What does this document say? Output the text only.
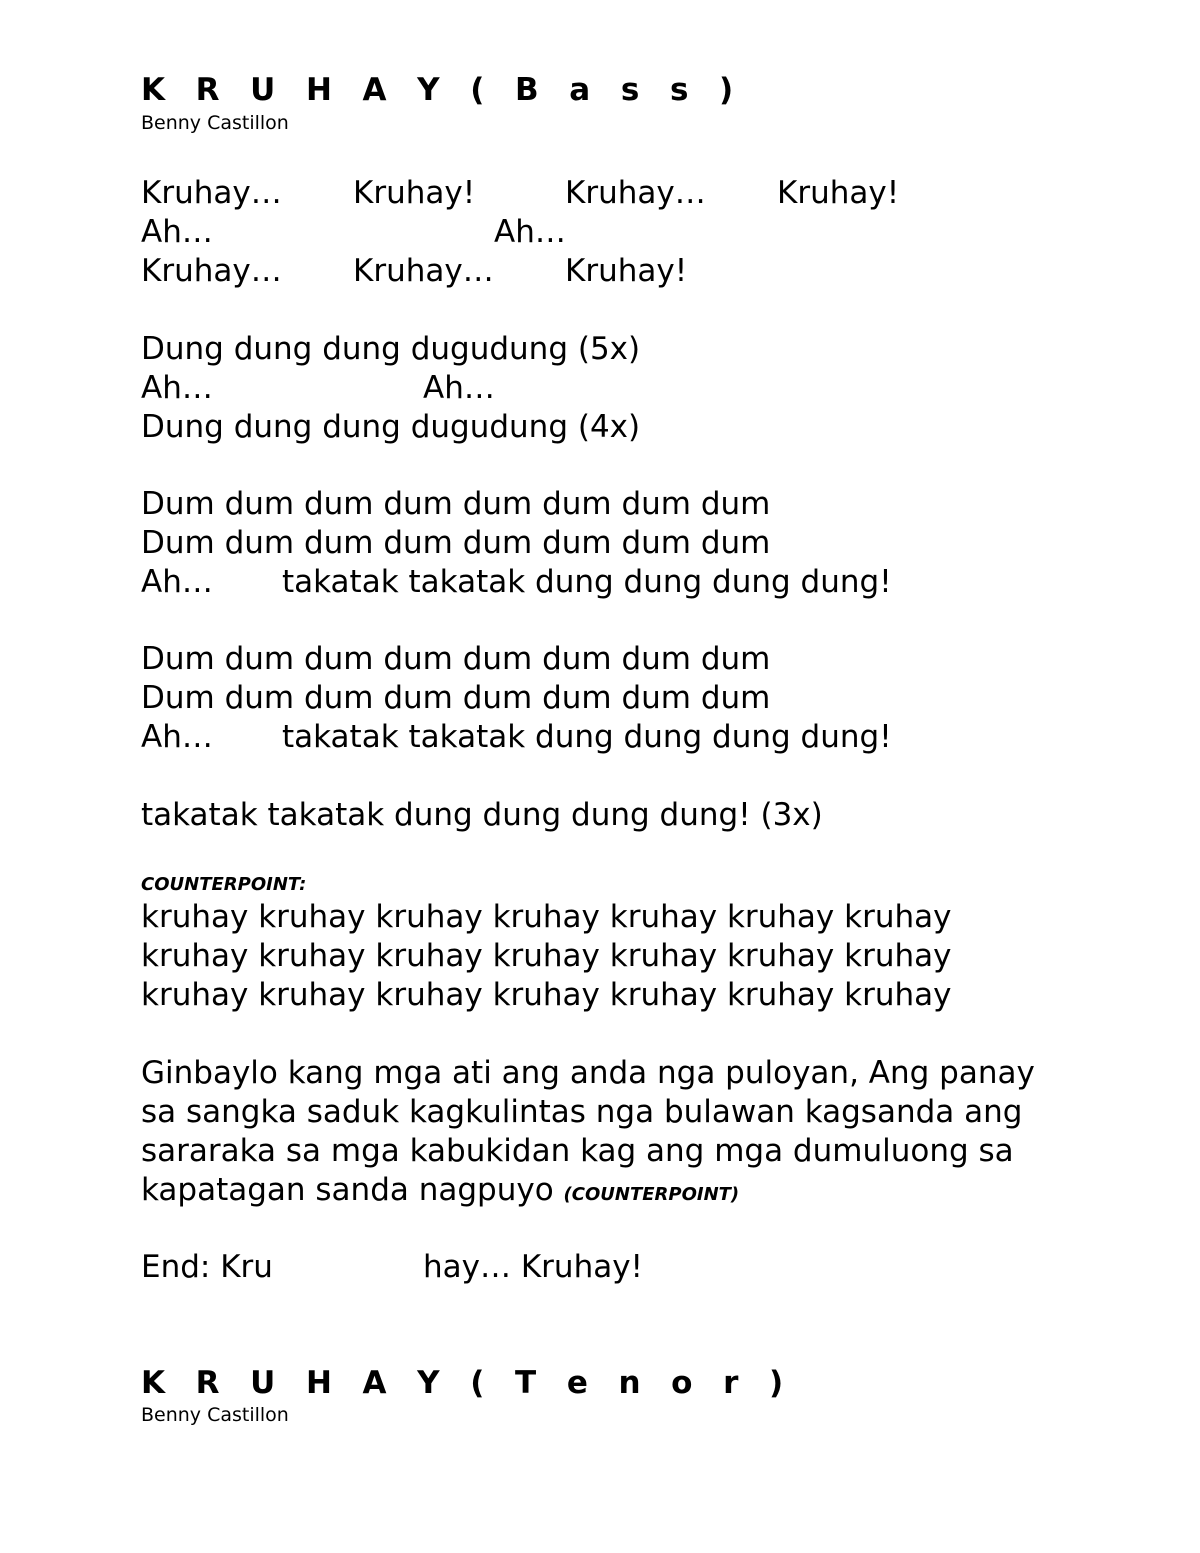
K R U H A Y ( B a s s )
Benny Castillon
Kruhay… Kruhay!	Kruhay… Kruhay!
Ah…	Ah…
Kruhay… Kruhay… Kruhay!
Dung dung dung dugudung (5x)
Ah…	Ah…
Dung dung dung dugudung (4x)
Dum dum dum dum dum dum dum dum
Dum dum dum dum dum dum dum dum
Ah… takatak takatak dung dung dung dung!
Dum dum dum dum dum dum dum dum
Dum dum dum dum dum dum dum dum
Ah… takatak takatak dung dung dung dung!
takatak takatak dung dung dung dung! (3x)
COUNTERPOINT:
kruhay kruhay kruhay kruhay kruhay kruhay kruhay
kruhay kruhay kruhay kruhay kruhay kruhay kruhay
kruhay kruhay kruhay kruhay kruhay kruhay kruhay
Ginbaylo kang mga ati ang anda nga puloyan, Ang panay
sa sangka saduk kagkulintas nga bulawan kagsanda ang
sararaka sa mga kabukidan kag ang mga dumuluong sa
kapatagan sanda nagpuyo (COUNTERPOINT)
End: Kru	hay… Kruhay!
K R U H A Y ( T e n o r )
Benny Castillon
